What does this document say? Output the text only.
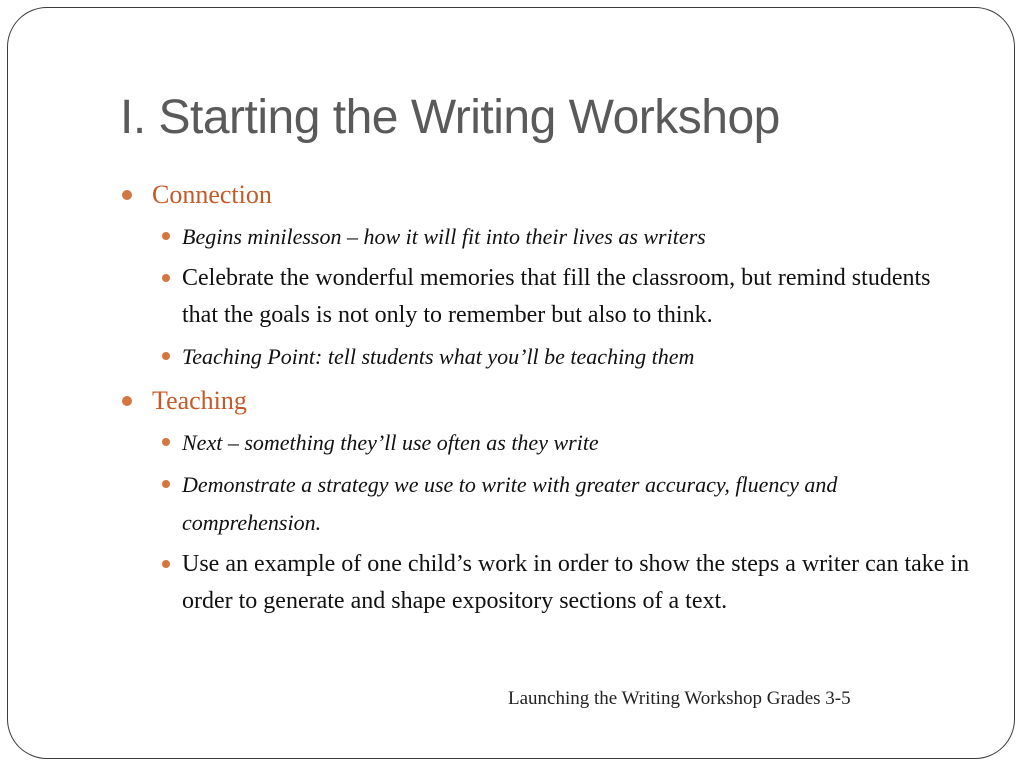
I. Starting the Writing Workshop
Connection
Begins minilesson – how it will fit into their lives as writers
Celebrate the wonderful memories that fill the classroom, but remind students that the goals is not only to remember but also to think.
Teaching Point: tell students what you’ll be teaching them
Teaching
Next – something they’ll use often as they write
Demonstrate a strategy we use to write with greater accuracy, fluency and comprehension.
Use an example of one child’s work in order to show the steps a writer can take in order to generate and shape expository sections of a text.
Launching the Writing Workshop Grades 3-5
